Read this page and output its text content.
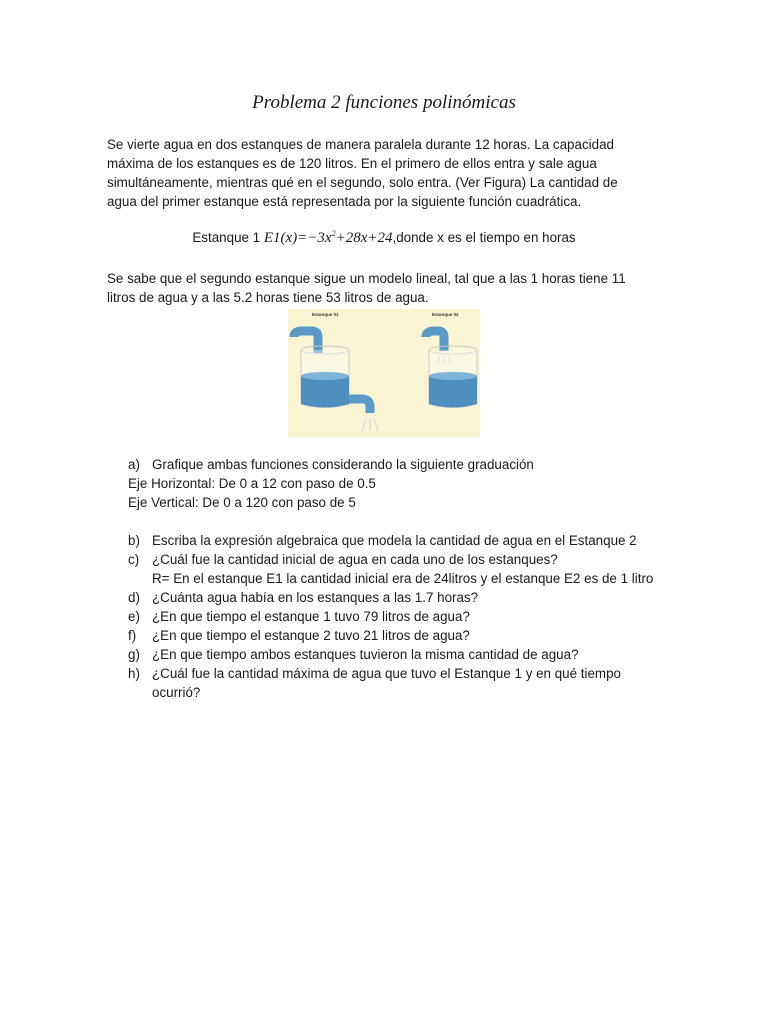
Problema 2 funciones polinómicas
Se vierte agua en dos estanques de manera paralela durante 12 horas. La capacidad
máxima de los estanques es de 120 litros. En el primero de ellos entra y sale agua
simultáneamente, mientras qué en el segundo, solo entra. (Ver Figura) La cantidad de
agua del primer estanque está representada por la siguiente función cuadrática.
Estanque 1 $E1(x)=-3x^2+28x+24,donde$ x es el tiempo en horas
Se sabe que el segundo estanque sigue un modelo lineal, tal que a las 1 horas tiene 11
litros de agua y a las 5.2 horas tiene 53 litros de agua.
Estanque 01	Estanque 02
a) Grafique ambas funciones considerando la siguiente graduación
Eje Horizontal: De 0 a 12 con paso de 0.5
Eje Vertical: De 0 a 120 con paso de 5
b) Escriba la expresión algebraica que modela la cantidad de agua en el Estanque 2
c) ¿Cuál fue la cantidad inicial de agua en cada uno de los estanques?
R= En el estanque E1 la cantidad inicial era de 24litros y el estanque E2 es de 1 litro
d) ¿Cuánta agua había en los estanques a las 1.7 horas?
e) ¿En que tiempo el estanque 1 tuvo 79 litros de agua?
f) ¿En que tiempo el estanque 2 tuvo 21 litros de agua?
g) ¿En que tiempo ambos estanques tuvieron la misma cantidad de agua?
h) ¿Cuál fue la cantidad máxima de agua que tuvo el Estanque 1 y en qué tiempo
ocurrió?
